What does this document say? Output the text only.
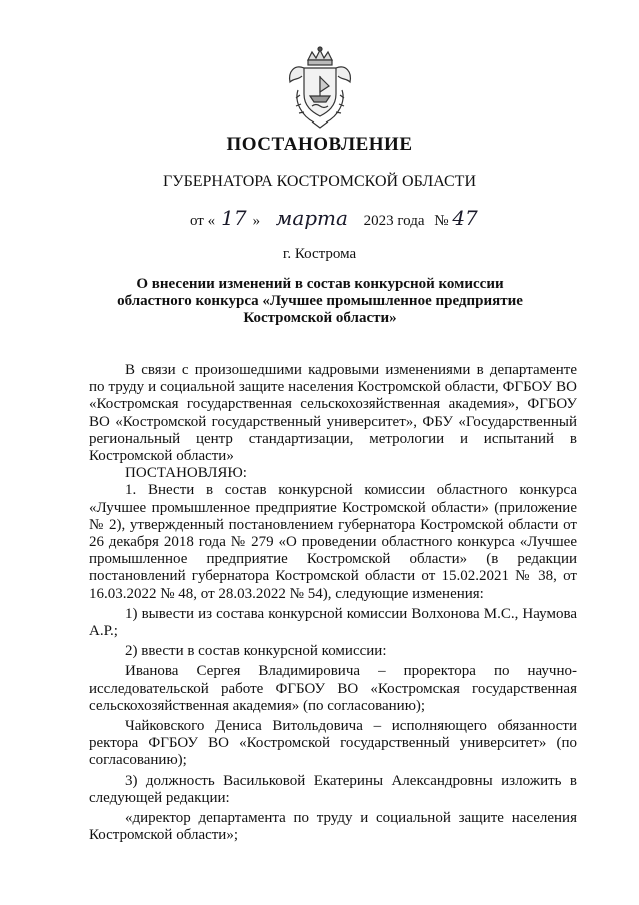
ПОСТАНОВЛЕНИЕ
ГУБЕРНАТОРА КОСТРОМСКОЙ ОБЛАСТИ
от « 17 » марта 2023 года № 47
г. Кострома
О внесении изменений в состав конкурсной комиссии областного конкурса «Лучшее промышленное предприятие Костромской области»

В связи с произошедшими кадровыми изменениями в департаменте по труду и социальной защите населения Костромской области, ФГБОУ ВО «Костромская государственная сельскохозяйственная академия», ФГБОУ ВО «Костромской государственный университет», ФБУ «Государственный региональный центр стандартизации, метрологии и испытаний в Костромской области»

ПОСТАНОВЛЯЮ:

1. Внести в состав конкурсной комиссии областного конкурса «Лучшее промышленное предприятие Костромской области» (приложение № 2), утвержденный постановлением губернатора Костромской области от 26 декабря 2018 года № 279 «О проведении областного конкурса «Лучшее промышленное предприятие Костромской области» (в редакции постановлений губернатора Костромской области от 15.02.2021 № 38, от 16.03.2022 № 48, от 28.03.2022 № 54), следующие изменения:

1) вывести из состава конкурсной комиссии Волхонова М.С., Наумова А.Р.;

2) ввести в состав конкурсной комиссии:

Иванова Сергея Владимировича – проректора по научно-исследовательской работе ФГБОУ ВО «Костромская государственная сельскохозяйственная академия» (по согласованию);

Чайковского Дениса Витольдовича – исполняющего обязанности ректора ФГБОУ ВО «Костромской государственный университет» (по согласованию);

3) должность Васильковой Екатерины Александровны изложить в следующей редакции:

«директор департамента по труду и социальной защите населения Костромской области»;
